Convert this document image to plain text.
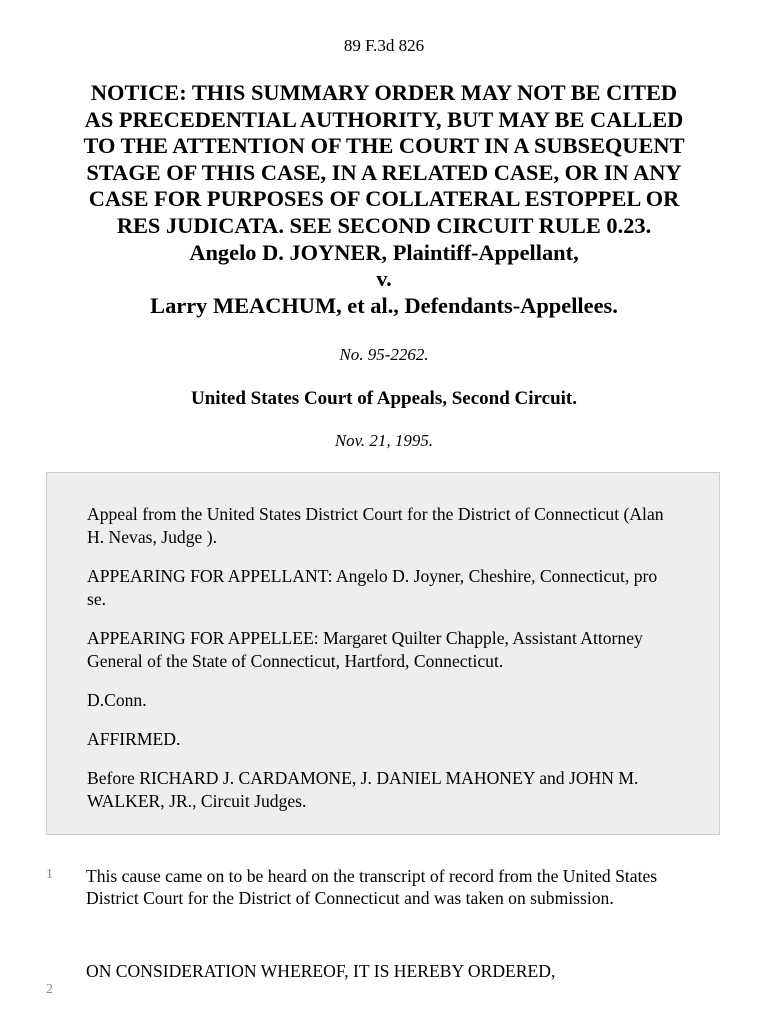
89 F.3d 826
NOTICE: THIS SUMMARY ORDER MAY NOT BE CITED
AS PRECEDENTIAL AUTHORITY, BUT MAY BE CALLED
TO THE ATTENTION OF THE COURT IN A SUBSEQUENT
STAGE OF THIS CASE, IN A RELATED CASE, OR IN ANY
CASE FOR PURPOSES OF COLLATERAL ESTOPPEL OR
RES JUDICATA. SEE SECOND CIRCUIT RULE 0.23.
Angelo D. JOYNER, Plaintiff-Appellant,
v.
Larry MEACHUM, et al., Defendants-Appellees.
No. 95-2262.
United States Court of Appeals, Second Circuit.
Nov. 21, 1995.

Appeal from the United States District Court for the District of Connecticut (Alan H. Nevas, Judge ).

APPEARING FOR APPELLANT: Angelo D. Joyner, Cheshire, Connecticut, pro se.

APPEARING FOR APPELLEE: Margaret Quilter Chapple, Assistant Attorney General of the State of Connecticut, Hartford, Connecticut.

D.Conn.

AFFIRMED.

Before RICHARD J. CARDAMONE, J. DANIEL MAHONEY and JOHN M. WALKER, JR., Circuit Judges.

1 This cause came on to be heard on the transcript of record from the United States District Court for the District of Connecticut and was taken on submission.
2
ON CONSIDERATION WHEREOF, IT IS HEREBY ORDERED,
